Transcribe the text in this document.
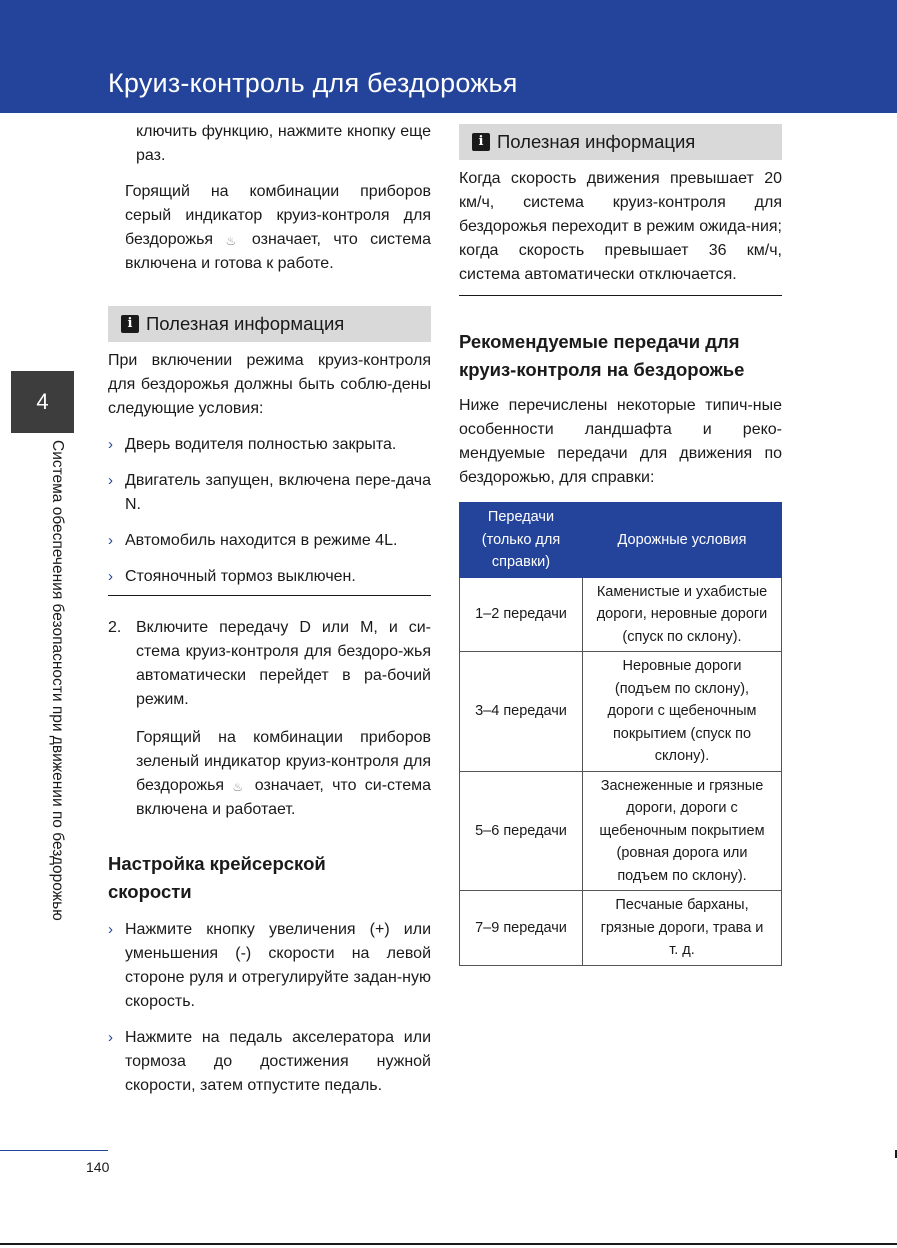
Круиз-контроль для бездорожья
4
Система обеспечения безопасности при движении по бездорожью
ключить функцию, нажмите кнопку еще раз.
Горящий на комбинации приборов серый индикатор круиз-контроля для бездорожья ♨ означает, что система включена и готова к работе.
i Полезная информация
При включении режима круиз-контроля для бездорожья должны быть соблю-дены следующие условия:
› Дверь водителя полностью закрыта.
› Двигатель запущен, включена пере-дача N.
› Автомобиль находится в режиме 4L.
› Стояночный тормоз выключен.
2. Включите передачу D или M, и си-стема круиз-контроля для бездоро-жья автоматически перейдет в ра-бочий режим.
Горящий на комбинации приборов зеленый индикатор круиз-контроля для бездорожья ♨ означает, что си-стема включена и работает.
Настройка крейсерской скорости
› Нажмите кнопку увеличения (+) или уменьшения (-) скорости на левой стороне руля и отрегулируйте задан-ную скорость.
› Нажмите на педаль акселератора или тормоза до достижения нужной скорости, затем отпустите педаль.
i Полезная информация
Когда скорость движения превышает 20 км/ч, система круиз-контроля для бездорожья переходит в режим ожида-ния; когда скорость превышает 36 км/ч, система автоматически отключается.
Рекомендуемые передачи для круиз-контроля на бездорожье
Ниже перечислены некоторые типич-ные особенности ландшафта и реко-мендуемые передачи для движения по бездорожью, для справки:
Передачи (только для справки)	Дорожные условия
1–2 передачи	Каменистые и ухабистые дороги, неровные дороги (спуск по склону).
3–4 передачи	Неровные дороги (подъем по склону), дороги с щебеночным покрытием (спуск по склону).
5–6 передачи	Заснеженные и грязные дороги, дороги с щебеночным покрытием (ровная дорога или подъем по склону).
7–9 передачи	Песчаные барханы, грязные дороги, трава и т. д.
140
